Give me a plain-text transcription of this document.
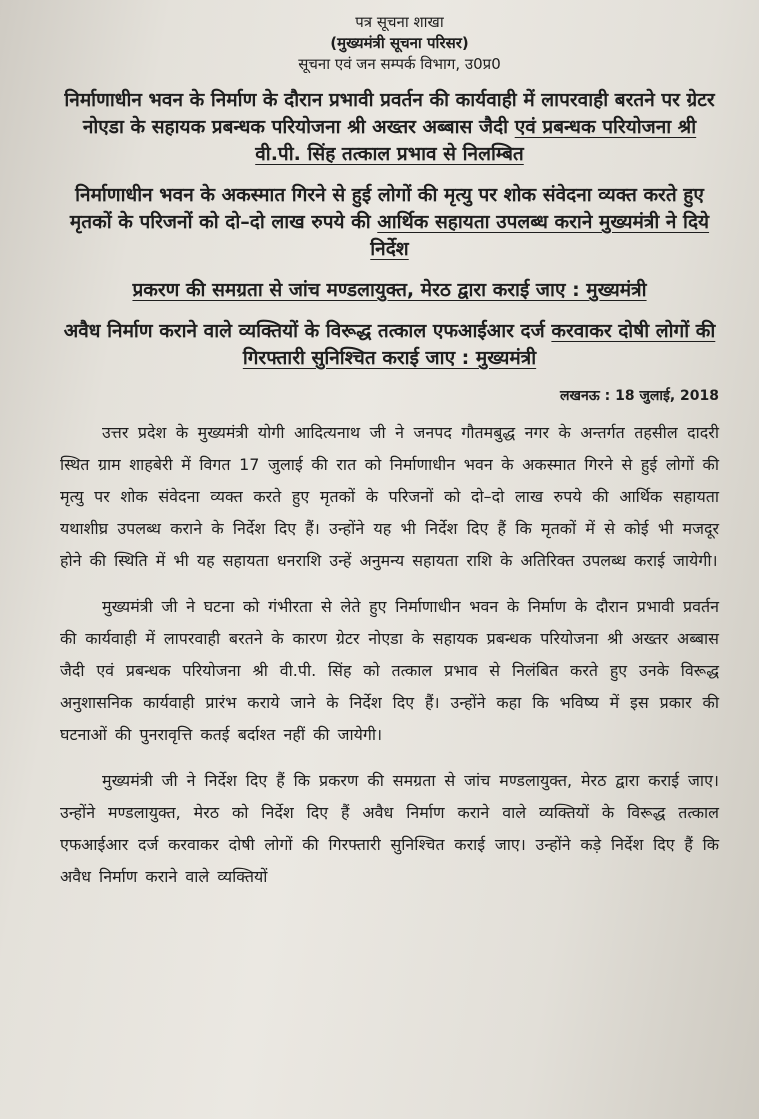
पत्र सूचना शाखा
(मुख्यमंत्री सूचना परिसर)
सूचना एवं जन सम्पर्क विभाग, उ0प्र0
निर्माणाधीन भवन के निर्माण के दौरान प्रभावी प्रवर्तन की कार्यवाही में लापरवाही बरतने पर ग्रेटर नोएडा के सहायक प्रबन्धक परियोजना श्री अख्तर अब्बास जैदी एवं प्रबन्धक परियोजना श्री वी.पी. सिंह तत्काल प्रभाव से निलम्बित
निर्माणाधीन भवन के अकस्मात गिरने से हुई लोगों की मृत्यु पर शोक संवेदना व्यक्त करते हुए मृतकों के परिजनों को दो–दो लाख रुपये की आर्थिक सहायता उपलब्ध कराने मुख्यमंत्री ने दिये निर्देश
प्रकरण की समग्रता से जांच मण्डलायुक्त, मेरठ द्वारा कराई जाए : मुख्यमंत्री
अवैध निर्माण कराने वाले व्यक्तियों के विरूद्ध तत्काल एफआईआर दर्ज करवाकर दोषी लोगों की गिरफ्तारी सुनिश्चित कराई जाए : मुख्यमंत्री
लखनऊ : 18 जुलाई, 2018

उत्तर प्रदेश के मुख्यमंत्री योगी आदित्यनाथ जी ने जनपद गौतमबुद्ध नगर के अन्तर्गत तहसील दादरी स्थित ग्राम शाहबेरी में विगत 17 जुलाई की रात को निर्माणाधीन भवन के अकस्मात गिरने से हुई लोगों की मृत्यु पर शोक संवेदना व्यक्त करते हुए मृतकों के परिजनों को दो–दो लाख रुपये की आर्थिक सहायता यथाशीघ्र उपलब्ध कराने के निर्देश दिए हैं। उन्होंने यह भी निर्देश दिए हैं कि मृतकों में से कोई भी मजदूर होने की स्थिति में भी यह सहायता धनराशि उन्हें अनुमन्य सहायता राशि के अतिरिक्त उपलब्ध कराई जायेगी।

मुख्यमंत्री जी ने घटना को गंभीरता से लेते हुए निर्माणाधीन भवन के निर्माण के दौरान प्रभावी प्रवर्तन की कार्यवाही में लापरवाही बरतने के कारण ग्रेटर नोएडा के सहायक प्रबन्धक परियोजना श्री अख्तर अब्बास जैदी एवं प्रबन्धक परियोजना श्री वी.पी. सिंह को तत्काल प्रभाव से निलंबित करते हुए उनके विरूद्ध अनुशासनिक कार्यवाही प्रारंभ कराये जाने के निर्देश दिए हैं। उन्होंने कहा कि भविष्य में इस प्रकार की घटनाओं की पुनरावृत्ति कतई बर्दाश्त नहीं की जायेगी।

मुख्यमंत्री जी ने निर्देश दिए हैं कि प्रकरण की समग्रता से जांच मण्डलायुक्त, मेरठ द्वारा कराई जाए। उन्होंने मण्डलायुक्त, मेरठ को निर्देश दिए हैं अवैध निर्माण कराने वाले व्यक्तियों के विरूद्ध तत्काल एफआईआर दर्ज करवाकर दोषी लोगों की गिरफ्तारी सुनिश्चित कराई जाए। उन्होंने कड़े निर्देश दिए हैं कि अवैध निर्माण कराने वाले व्यक्तियों
